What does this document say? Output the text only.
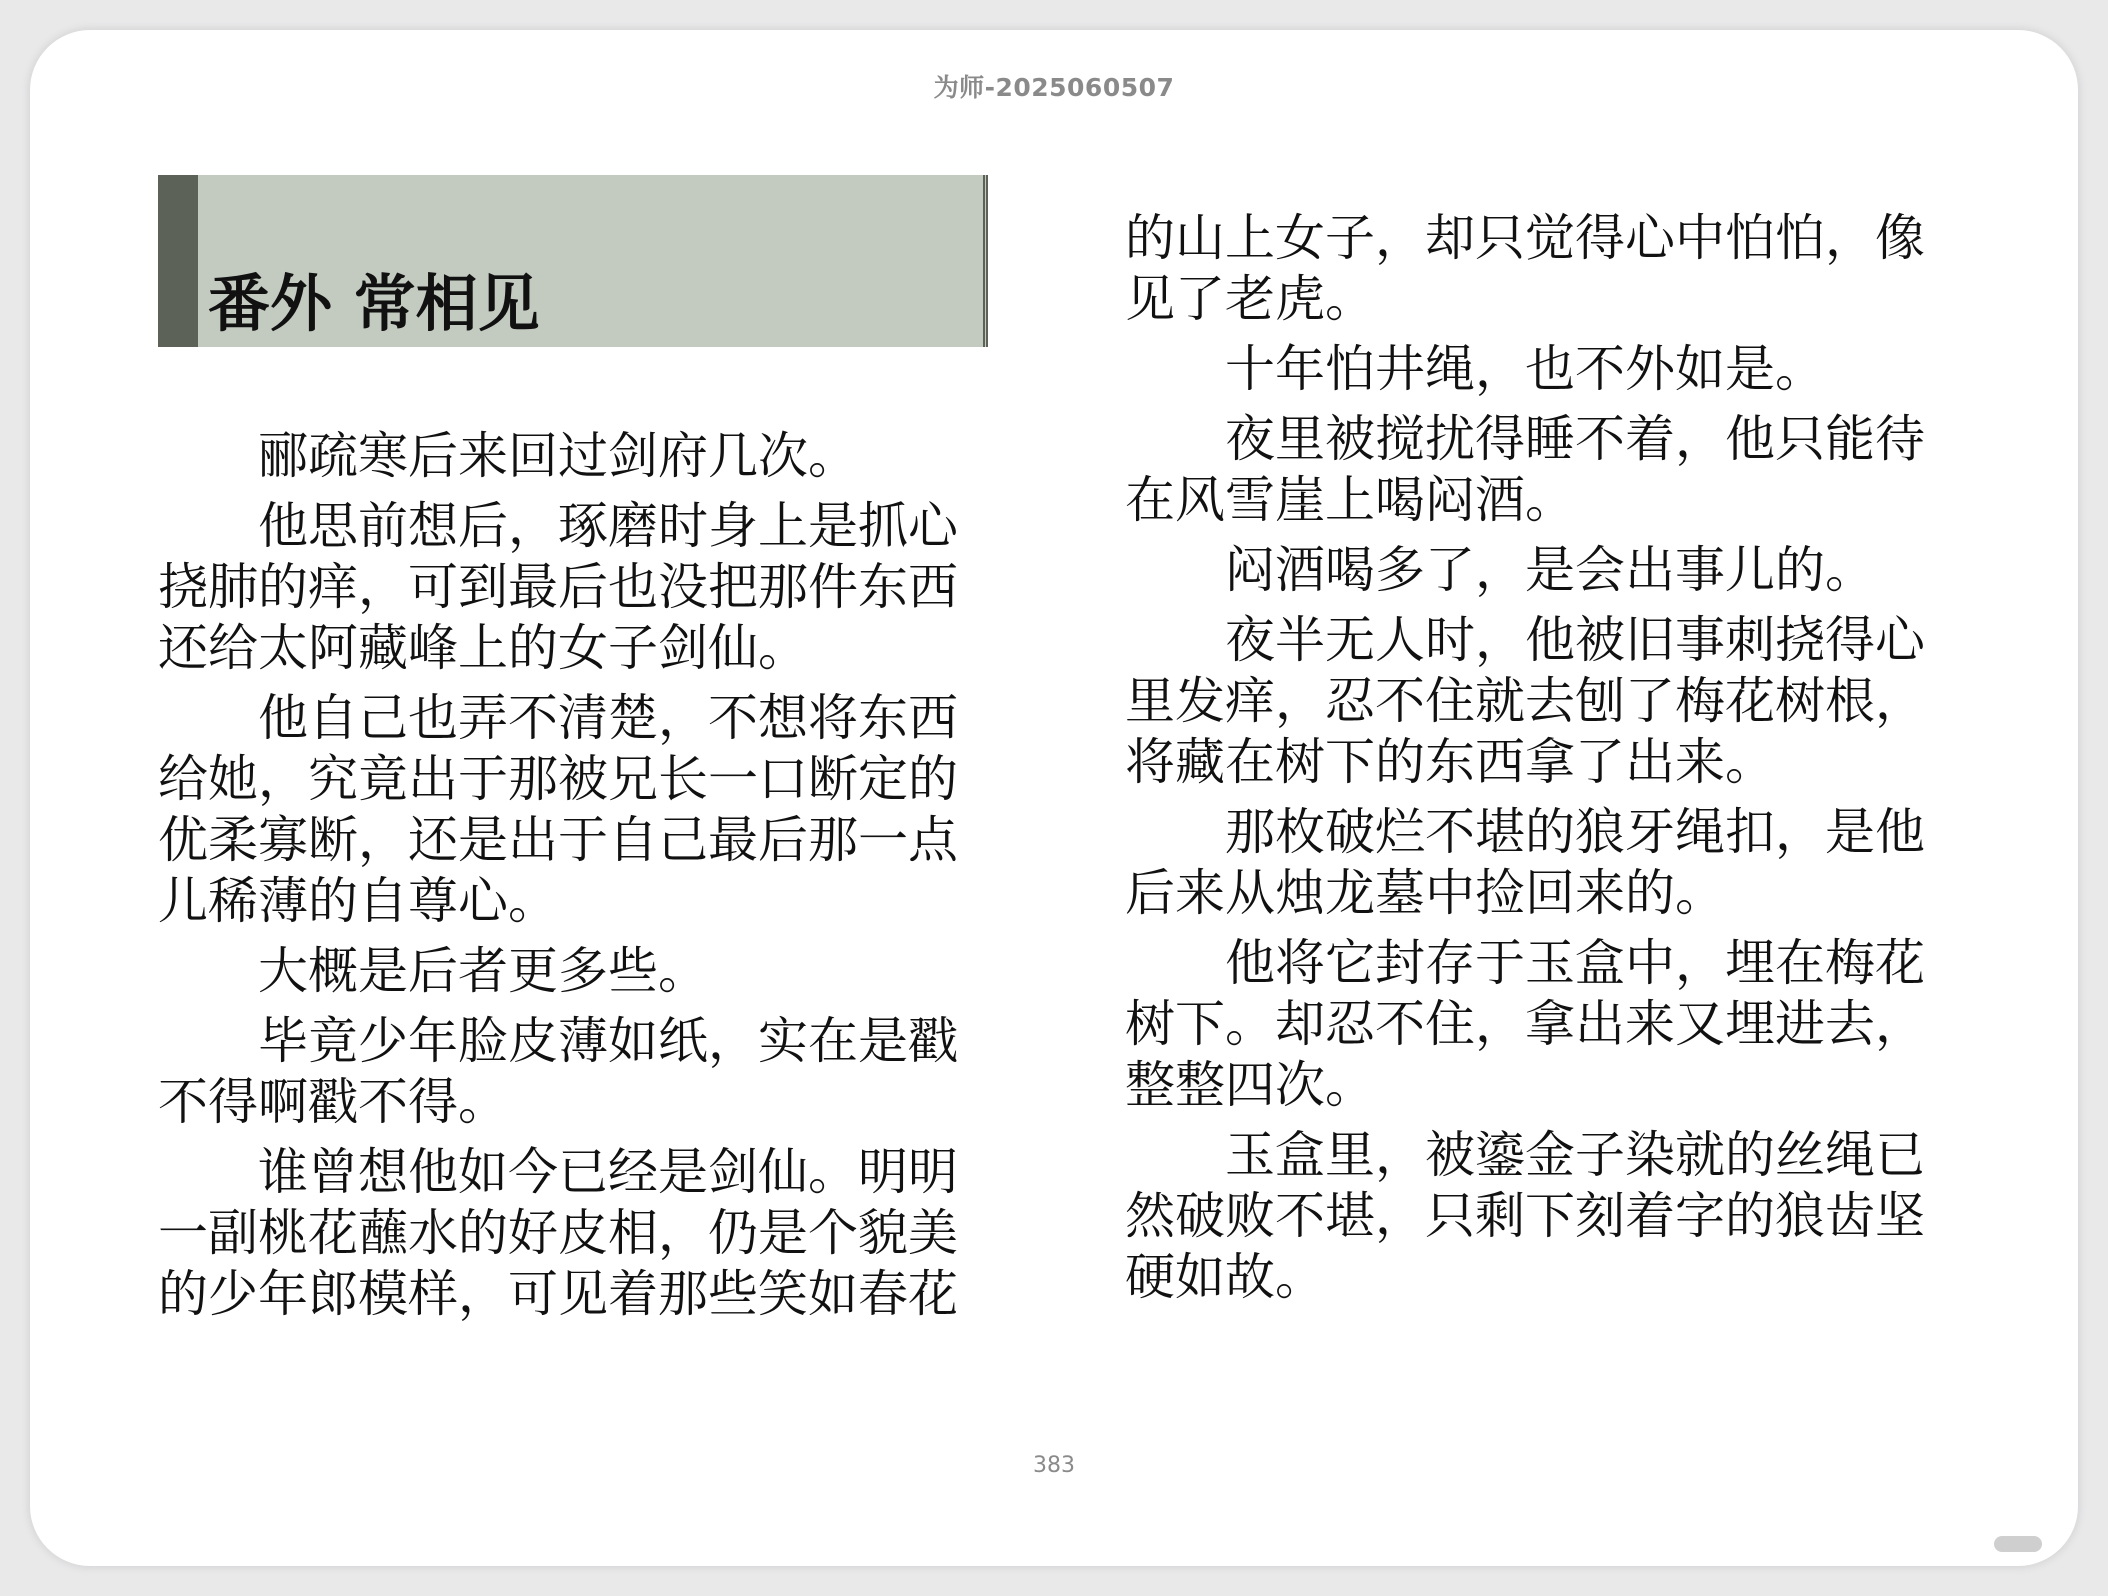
为师-2025060507
番外 常相见

郦疏寒后来回过剑府几次。

他思前想后，琢磨时身上是抓心挠肺的痒，可到最后也没把那件东西还给太阿藏峰上的女子剑仙。

他自己也弄不清楚，不想将东西给她，究竟出于那被兄长一口断定的优柔寡断，还是出于自己最后那一点儿稀薄的自尊心。

大概是后者更多些。

毕竟少年脸皮薄如纸，实在是戳不得啊戳不得。

谁曾想他如今已经是剑仙。明明一副桃花蘸水的好皮相，仍是个貌美的少年郎模样，可见着那些笑如春花

的山上女子，却只觉得心中怕怕，像见了老虎。

十年怕井绳，也不外如是。

夜里被搅扰得睡不着，他只能待在风雪崖上喝闷酒。

闷酒喝多了，是会出事儿的。

夜半无人时，他被旧事刺挠得心里发痒，忍不住就去刨了梅花树根，将藏在树下的东西拿了出来。

那枚破烂不堪的狼牙绳扣，是他后来从烛龙墓中捡回来的。

他将它封存于玉盒中，埋在梅花树下。却忍不住，拿出来又埋进去，整整四次。

玉盒里，被鎏金子染就的丝绳已然破败不堪，只剩下刻着字的狼齿坚硬如故。

383
